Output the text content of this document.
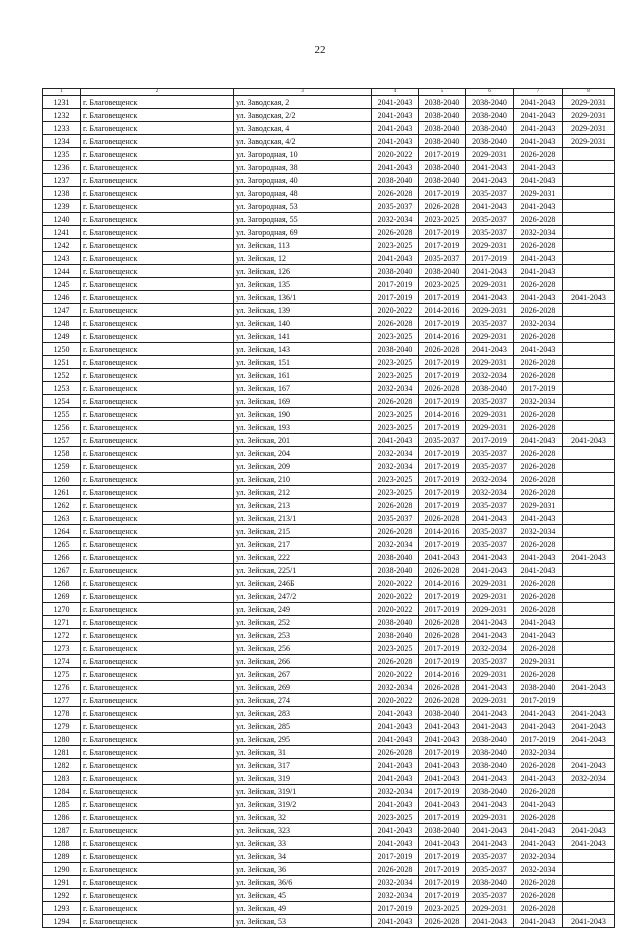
22
1	2	3	4	5	6	7	8
1231	г. Благовещенск	ул. Заводская, 2	2041-2043	2038-2040	2038-2040	2041-2043	2029-2031
1232	г. Благовещенск	ул. Заводская, 2/2	2041-2043	2038-2040	2038-2040	2041-2043	2029-2031
1233	г. Благовещенск	ул. Заводская, 4	2041-2043	2038-2040	2038-2040	2041-2043	2029-2031
1234	г. Благовещенск	ул. Заводская, 4/2	2041-2043	2038-2040	2038-2040	2041-2043	2029-2031
1235	г. Благовещенск	ул. Загородная, 10	2020-2022	2017-2019	2029-2031	2026-2028	
1236	г. Благовещенск	ул. Загородная, 38	2041-2043	2038-2040	2041-2043	2041-2043	
1237	г. Благовещенск	ул. Загородная, 40	2038-2040	2038-2040	2041-2043	2041-2043	
1238	г. Благовещенск	ул. Загородная, 48	2026-2028	2017-2019	2035-2037	2029-2031	
1239	г. Благовещенск	ул. Загородная, 53	2035-2037	2026-2028	2041-2043	2041-2043	
1240	г. Благовещенск	ул. Загородная, 55	2032-2034	2023-2025	2035-2037	2026-2028	
1241	г. Благовещенск	ул. Загородная, 69	2026-2028	2017-2019	2035-2037	2032-2034	
1242	г. Благовещенск	ул. Зейская, 113	2023-2025	2017-2019	2029-2031	2026-2028	
1243	г. Благовещенск	ул. Зейская, 12	2041-2043	2035-2037	2017-2019	2041-2043	
1244	г. Благовещенск	ул. Зейская, 126	2038-2040	2038-2040	2041-2043	2041-2043	
1245	г. Благовещенск	ул. Зейская, 135	2017-2019	2023-2025	2029-2031	2026-2028	
1246	г. Благовещенск	ул. Зейская, 136/1	2017-2019	2017-2019	2041-2043	2041-2043	2041-2043
1247	г. Благовещенск	ул. Зейская, 139	2020-2022	2014-2016	2029-2031	2026-2028	
1248	г. Благовещенск	ул. Зейская, 140	2026-2028	2017-2019	2035-2037	2032-2034	
1249	г. Благовещенск	ул. Зейская, 141	2023-2025	2014-2016	2029-2031	2026-2028	
1250	г. Благовещенск	ул. Зейская, 143	2038-2040	2026-2028	2041-2043	2041-2043	
1251	г. Благовещенск	ул. Зейская, 151	2023-2025	2017-2019	2029-2031	2026-2028	
1252	г. Благовещенск	ул. Зейская, 161	2023-2025	2017-2019	2032-2034	2026-2028	
1253	г. Благовещенск	ул. Зейская, 167	2032-2034	2026-2028	2038-2040	2017-2019	
1254	г. Благовещенск	ул. Зейская, 169	2026-2028	2017-2019	2035-2037	2032-2034	
1255	г. Благовещенск	ул. Зейская, 190	2023-2025	2014-2016	2029-2031	2026-2028	
1256	г. Благовещенск	ул. Зейская, 193	2023-2025	2017-2019	2029-2031	2026-2028	
1257	г. Благовещенск	ул. Зейская, 201	2041-2043	2035-2037	2017-2019	2041-2043	2041-2043
1258	г. Благовещенск	ул. Зейская, 204	2032-2034	2017-2019	2035-2037	2026-2028	
1259	г. Благовещенск	ул. Зейская, 209	2032-2034	2017-2019	2035-2037	2026-2028	
1260	г. Благовещенск	ул. Зейская, 210	2023-2025	2017-2019	2032-2034	2026-2028	
1261	г. Благовещенск	ул. Зейская, 212	2023-2025	2017-2019	2032-2034	2026-2028	
1262	г. Благовещенск	ул. Зейская, 213	2026-2028	2017-2019	2035-2037	2029-2031	
1263	г. Благовещенск	ул. Зейская, 213/1	2035-2037	2026-2028	2041-2043	2041-2043	
1264	г. Благовещенск	ул. Зейская, 215	2026-2028	2014-2016	2035-2037	2032-2034	
1265	г. Благовещенск	ул. Зейская, 217	2032-2034	2017-2019	2035-2037	2026-2028	
1266	г. Благовещенск	ул. Зейская, 222	2038-2040	2041-2043	2041-2043	2041-2043	2041-2043
1267	г. Благовещенск	ул. Зейская, 225/1	2038-2040	2026-2028	2041-2043	2041-2043	
1268	г. Благовещенск	ул. Зейская, 246Б	2020-2022	2014-2016	2029-2031	2026-2028	
1269	г. Благовещенск	ул. Зейская, 247/2	2020-2022	2017-2019	2029-2031	2026-2028	
1270	г. Благовещенск	ул. Зейская, 249	2020-2022	2017-2019	2029-2031	2026-2028	
1271	г. Благовещенск	ул. Зейская, 252	2038-2040	2026-2028	2041-2043	2041-2043	
1272	г. Благовещенск	ул. Зейская, 253	2038-2040	2026-2028	2041-2043	2041-2043	
1273	г. Благовещенск	ул. Зейская, 256	2023-2025	2017-2019	2032-2034	2026-2028	
1274	г. Благовещенск	ул. Зейская, 266	2026-2028	2017-2019	2035-2037	2029-2031	
1275	г. Благовещенск	ул. Зейская, 267	2020-2022	2014-2016	2029-2031	2026-2028	
1276	г. Благовещенск	ул. Зейская, 269	2032-2034	2026-2028	2041-2043	2038-2040	2041-2043
1277	г. Благовещенск	ул. Зейская, 274	2020-2022	2026-2028	2029-2031	2017-2019	
1278	г. Благовещенск	ул. Зейская, 283	2041-2043	2038-2040	2041-2043	2041-2043	2041-2043
1279	г. Благовещенск	ул. Зейская, 285	2041-2043	2041-2043	2041-2043	2041-2043	2041-2043
1280	г. Благовещенск	ул. Зейская, 295	2041-2043	2041-2043	2038-2040	2017-2019	2041-2043
1281	г. Благовещенск	ул. Зейская, 31	2026-2028	2017-2019	2038-2040	2032-2034	
1282	г. Благовещенск	ул. Зейская, 317	2041-2043	2041-2043	2038-2040	2026-2028	2041-2043
1283	г. Благовещенск	ул. Зейская, 319	2041-2043	2041-2043	2041-2043	2041-2043	2032-2034
1284	г. Благовещенск	ул. Зейская, 319/1	2032-2034	2017-2019	2038-2040	2026-2028	
1285	г. Благовещенск	ул. Зейская, 319/2	2041-2043	2041-2043	2041-2043	2041-2043	
1286	г. Благовещенск	ул. Зейская, 32	2023-2025	2017-2019	2029-2031	2026-2028	
1287	г. Благовещенск	ул. Зейская, 323	2041-2043	2038-2040	2041-2043	2041-2043	2041-2043
1288	г. Благовещенск	ул. Зейская, 33	2041-2043	2041-2043	2041-2043	2041-2043	2041-2043
1289	г. Благовещенск	ул. Зейская, 34	2017-2019	2017-2019	2035-2037	2032-2034	
1290	г. Благовещенск	ул. Зейская, 36	2026-2028	2017-2019	2035-2037	2032-2034	
1291	г. Благовещенск	ул. Зейская, 36/6	2032-2034	2017-2019	2038-2040	2026-2028	
1292	г. Благовещенск	ул. Зейская, 45	2032-2034	2017-2019	2035-2037	2026-2028	
1293	г. Благовещенск	ул. Зейская, 49	2017-2019	2023-2025	2029-2031	2026-2028	
1294	г. Благовещенск	ул. Зейская, 53	2041-2043	2026-2028	2041-2043	2041-2043	2041-2043
